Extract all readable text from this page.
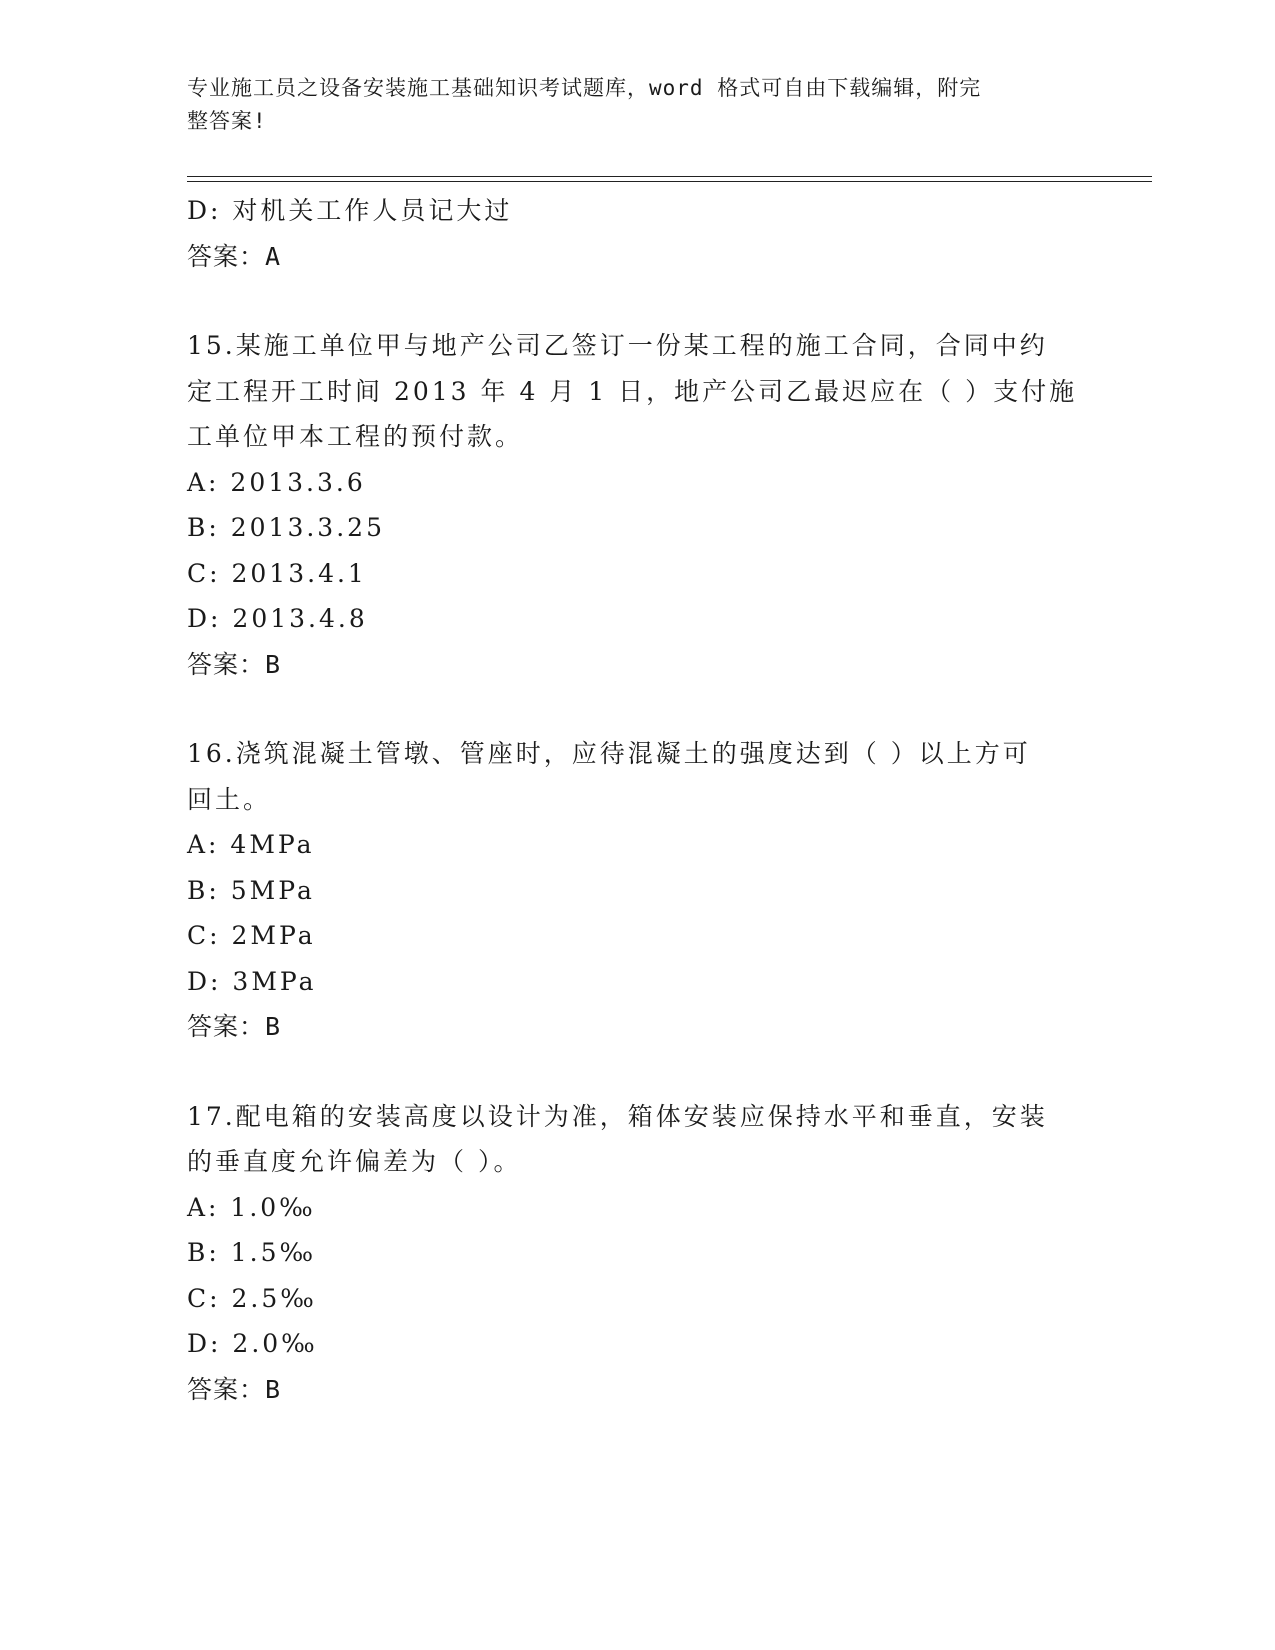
专业施工员之设备安装施工基础知识考试题库，word 格式可自由下载编辑，附完
整答案!
D: 对机关工作人员记大过
答案：A
15.某施工单位甲与地产公司乙签订一份某工程的施工合同，合同中约
定工程开工时间 2013 年 4 月 1 日，地产公司乙最迟应在（ ）支付施
工单位甲本工程的预付款。
A: 2013.3.6
B: 2013.3.25
C: 2013.4.1
D: 2013.4.8
答案：B
16.浇筑混凝土管墩、管座时，应待混凝土的强度达到（ ）以上方可
回土。
A: 4MPa
B: 5MPa
C: 2MPa
D: 3MPa
答案：B
17.配电箱的安装高度以设计为准，箱体安装应保持水平和垂直，安装
的垂直度允许偏差为（ ）。
A: 1.0‰
B: 1.5‰
C: 2.5‰
D: 2.0‰
答案：B
